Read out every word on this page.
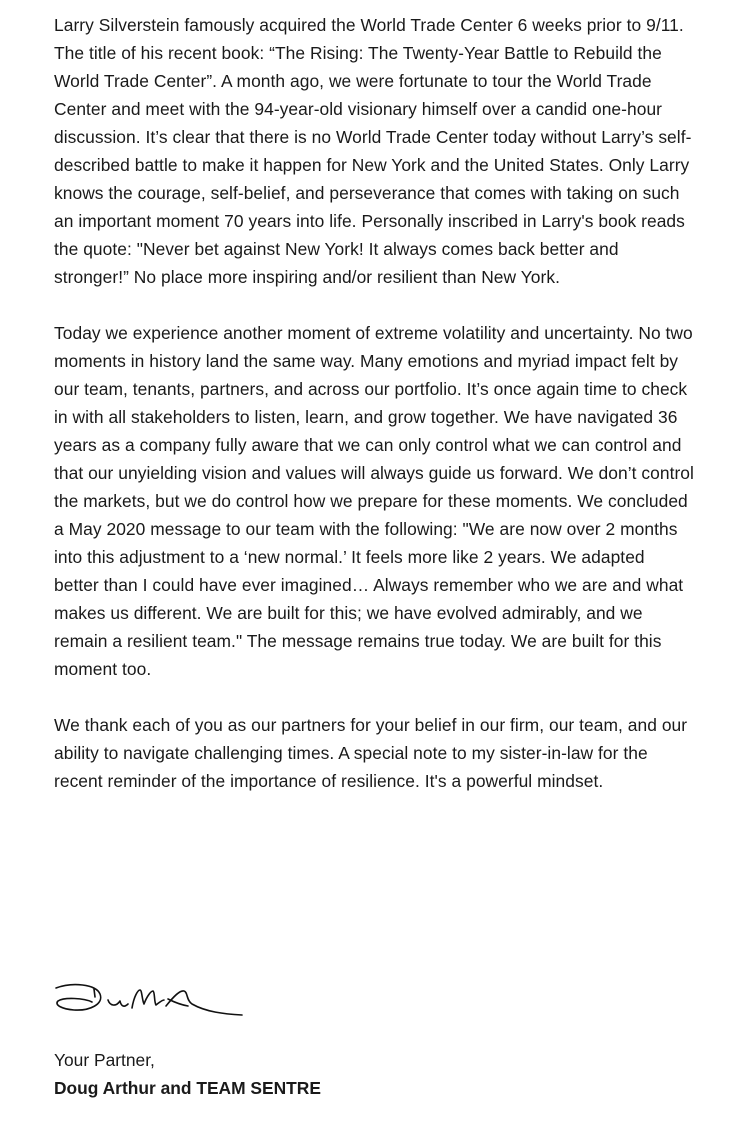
Larry Silverstein famously acquired the World Trade Center 6 weeks prior to 9/11. The title of his recent book: “The Rising: The Twenty-Year Battle to Rebuild the World Trade Center”. A month ago, we were fortunate to tour the World Trade Center and meet with the 94-year-old visionary himself over a candid one-hour discussion. It’s clear that there is no World Trade Center today without Larry’s self-described battle to make it happen for New York and the United States. Only Larry knows the courage, self-belief, and perseverance that comes with taking on such an important moment 70 years into life. Personally inscribed in Larry's book reads the quote: "Never bet against New York! It always comes back better and stronger!” No place more inspiring and/or resilient than New York.

Today we experience another moment of extreme volatility and uncertainty. No two moments in history land the same way. Many emotions and myriad impact felt by our team, tenants, partners, and across our portfolio. It’s once again time to check in with all stakeholders to listen, learn, and grow together. We have navigated 36 years as a company fully aware that we can only control what we can control and that our unyielding vision and values will always guide us forward. We don’t control the markets, but we do control how we prepare for these moments. We concluded a May 2020 message to our team with the following: "We are now over 2 months into this adjustment to a ‘new normal.’ It feels more like 2 years. We adapted better than I could have ever imagined… Always remember who we are and what makes us different. We are built for this; we have evolved admirably, and we remain a resilient team." The message remains true today. We are built for this moment too.

We thank each of you as our partners for your belief in our firm, our team, and our ability to navigate challenging times. A special note to my sister-in-law for the recent reminder of the importance of resilience. It's a powerful mindset.

Your Partner,
Doug Arthur and TEAM SENTRE
